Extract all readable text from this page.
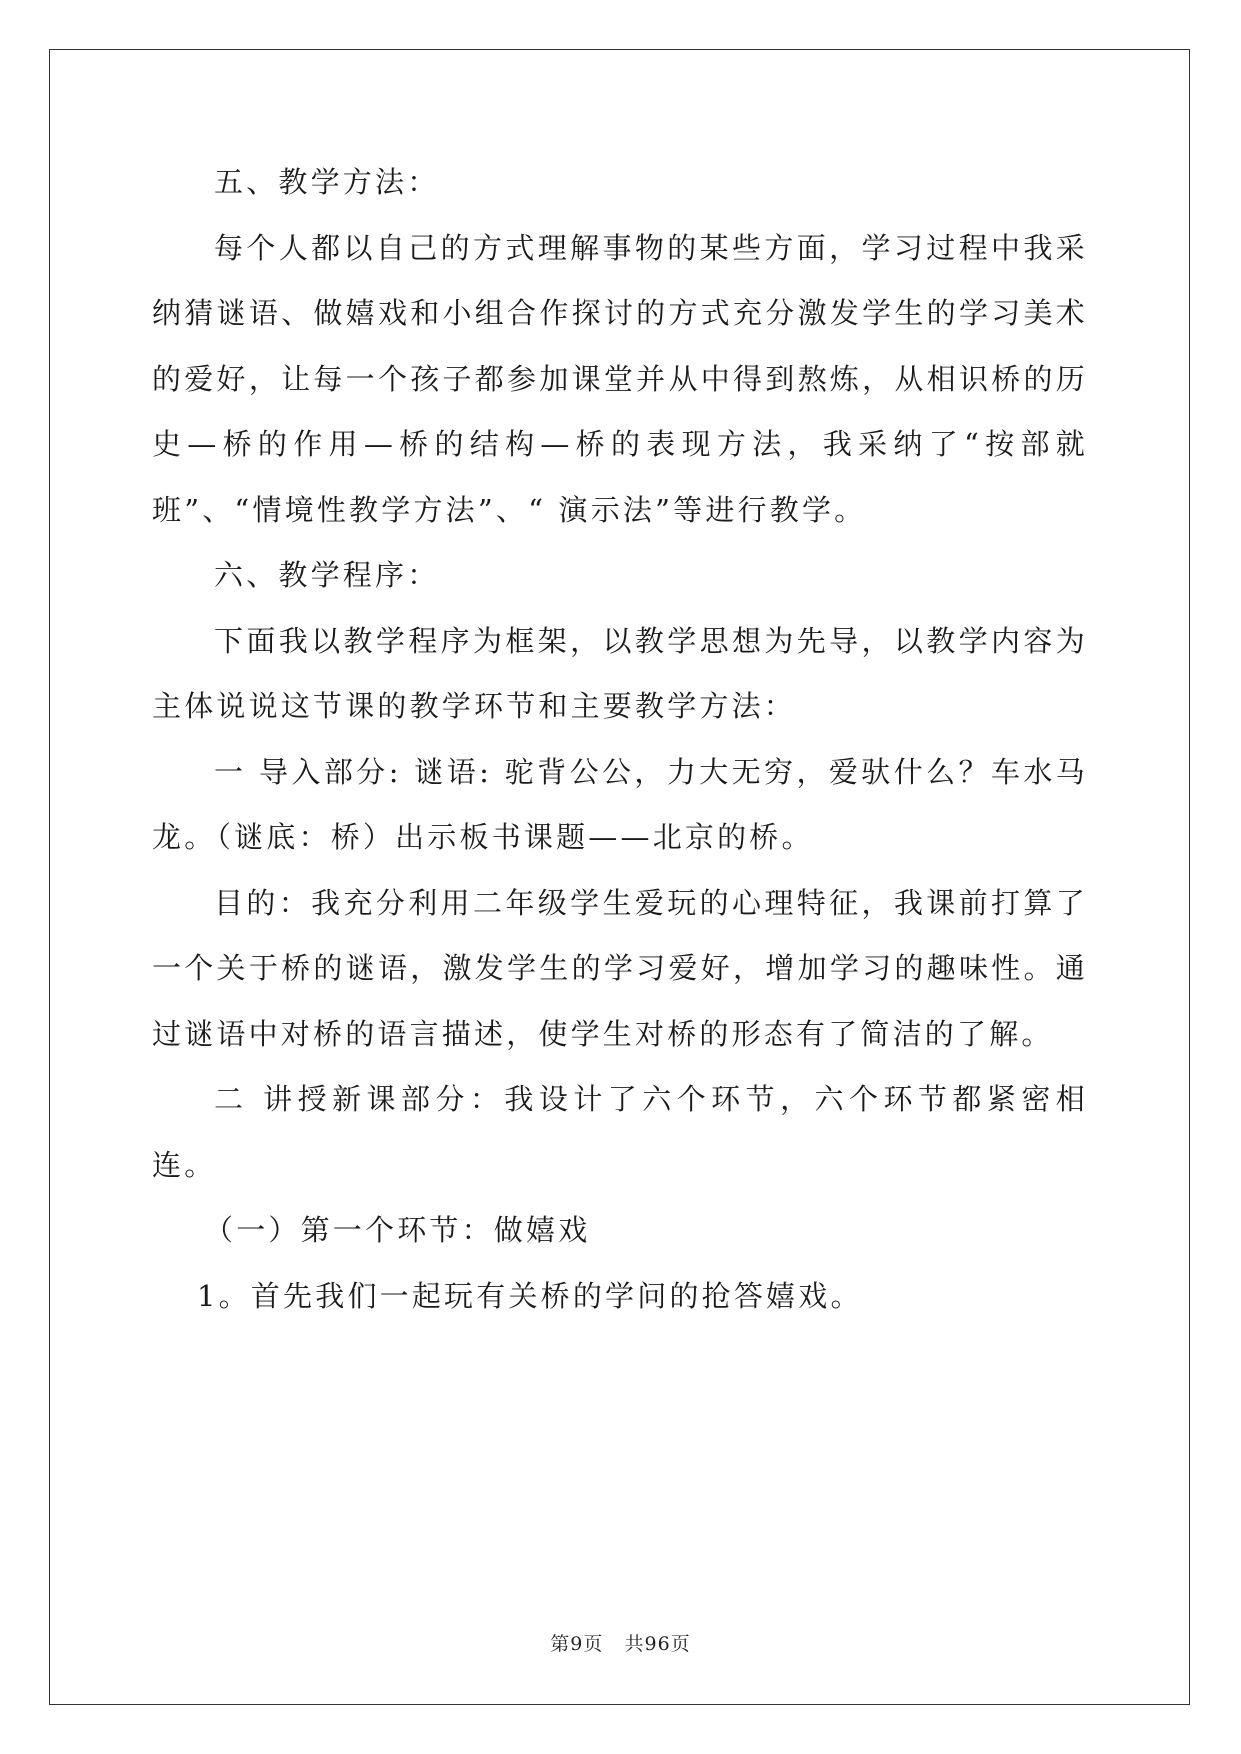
五、教学方法：

每个人都以自己的方式理解事物的某些方面，学习过程中我采纳猜谜语、做嬉戏和小组合作探讨的方式充分激发学生的学习美术的爱好，让每一个孩子都参加课堂并从中得到熬炼，从相识桥的历史—桥的作用—桥的结构—桥的表现方法，我采纳了“按部就班”、“情境性教学方法”、“ 演示法”等进行教学。

六、教学程序：

下面我以教学程序为框架，以教学思想为先导，以教学内容为主体说说这节课的教学环节和主要教学方法：

一 导入部分: 谜语: 驼背公公，力大无穷，爱驮什么？车水马龙。（谜底：桥）出示板书课题——北京的桥。

目的：我充分利用二年级学生爱玩的心理特征，我课前打算了一个关于桥的谜语，激发学生的学习爱好，增加学习的趣味性。通过谜语中对桥的语言描述，使学生对桥的形态有了简洁的了解。

二 讲授新课部分：我设计了六个环节，六个环节都紧密相连。

（一）第一个环节：做嬉戏

1。首先我们一起玩有关桥的学问的抢答嬉戏。

第9页 共96页
